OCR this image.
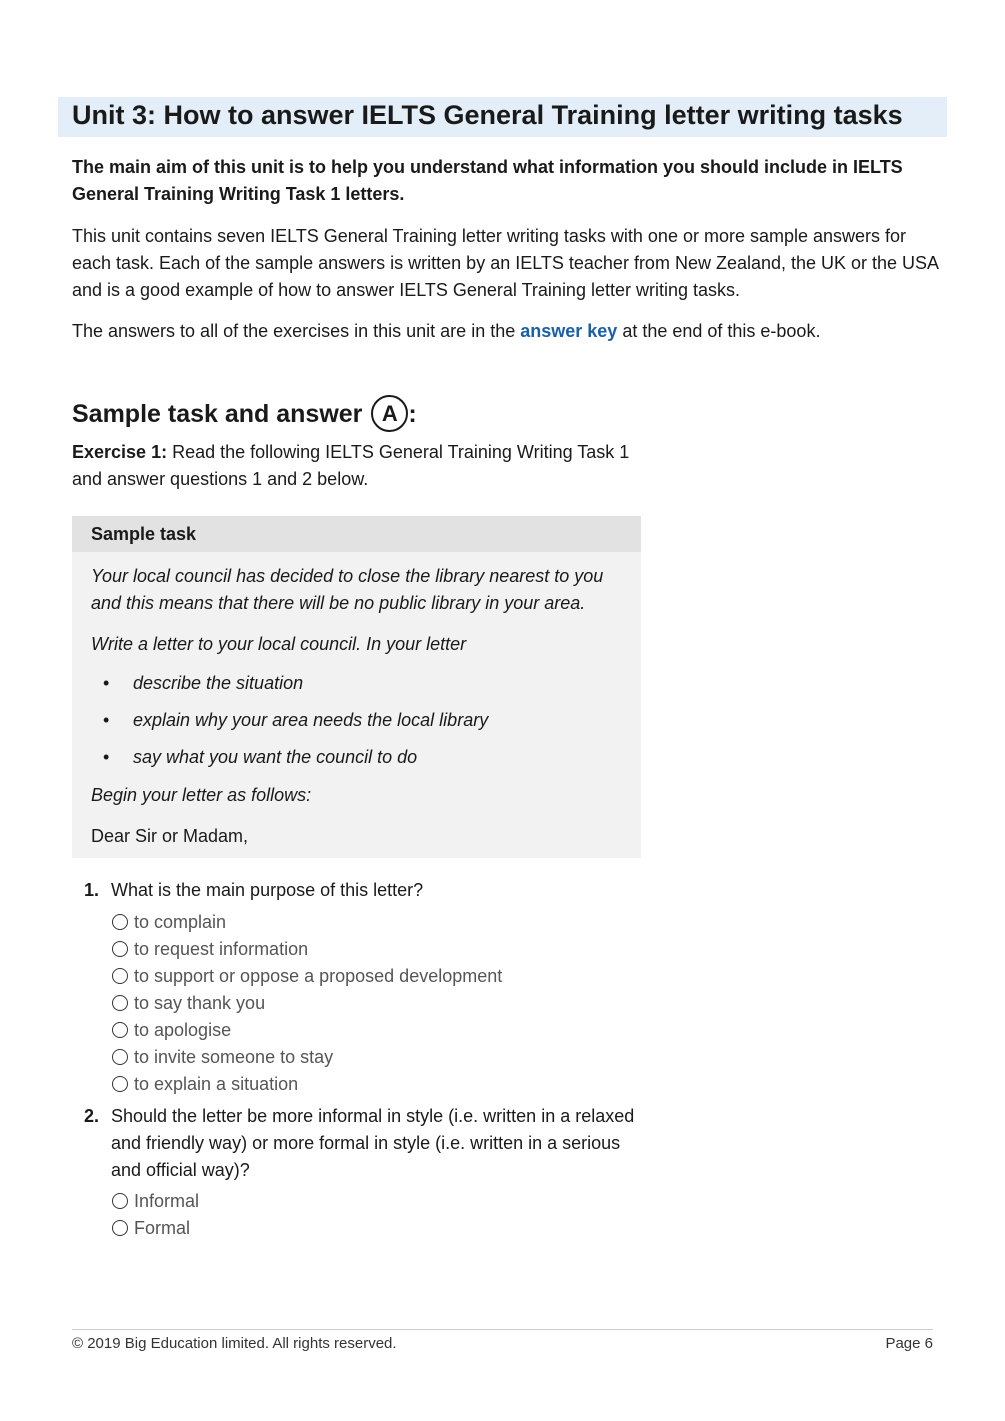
Unit 3: How to answer IELTS General Training letter writing tasks

The main aim of this unit is to help you understand what information you should include in IELTS General Training Writing Task 1 letters.

This unit contains seven IELTS General Training letter writing tasks with one or more sample answers for each task. Each of the sample answers is written by an IELTS teacher from New Zealand, the UK or the USA and is a good example of how to answer IELTS General Training letter writing tasks.

The answers to all of the exercises in this unit are in the answer key at the end of this e-book.

Sample task and answer A :

Exercise 1: Read the following IELTS General Training Writing Task 1 and answer questions 1 and 2 below.

Sample task

Your local council has decided to close the library nearest to you and this means that there will be no public library in your area.

Write a letter to your local council. In your letter

• describe the situation
• explain why your area needs the local library
• say what you want the council to do

Begin your letter as follows:

Dear Sir or Madam,

1. What is the main purpose of this letter?
to complain
to request information
to support or oppose a proposed development
to say thank you
to apologise
to invite someone to stay
to explain a situation
2. Should the letter be more informal in style (i.e. written in a relaxed and friendly way) or more formal in style (i.e. written in a serious and official way)?
Informal
Formal
© 2019 Big Education limited. All rights reserved.	Page 6
